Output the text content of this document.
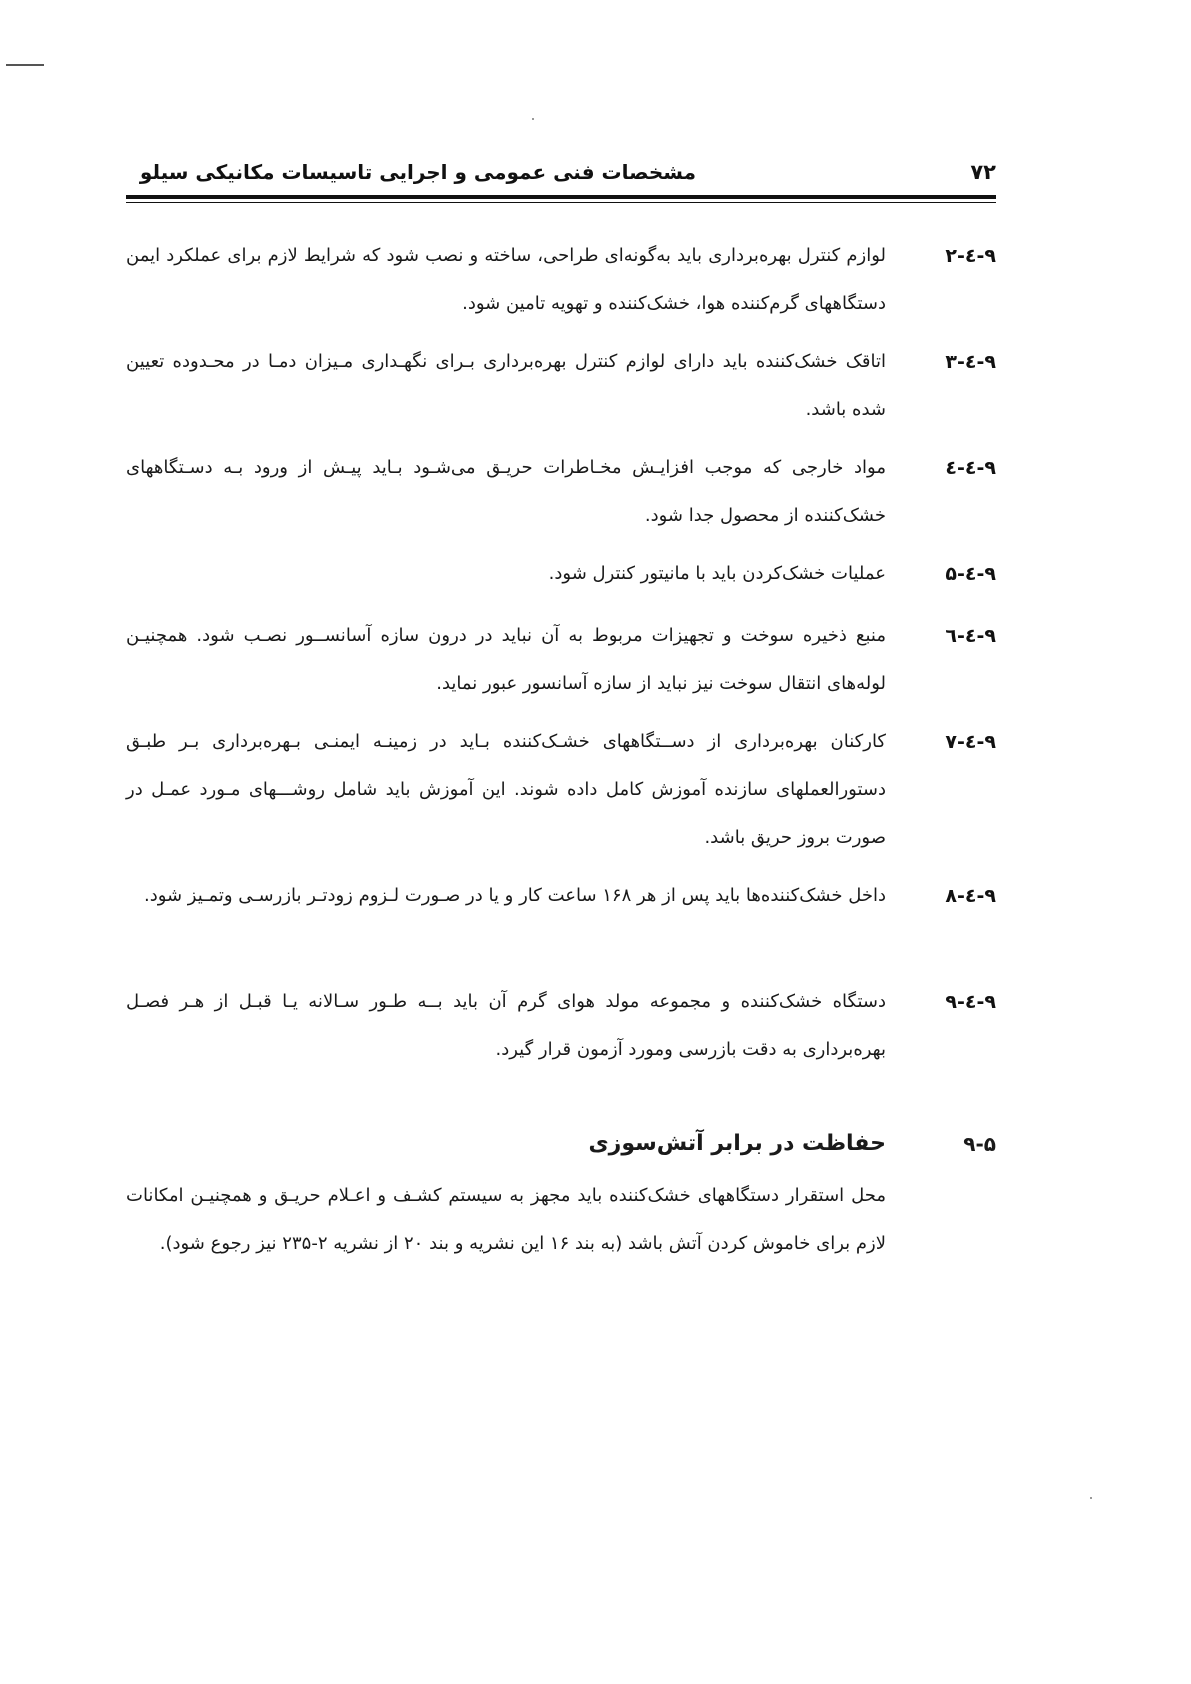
مشخصات فنی عمومی و اجرایی تاسیسات مکانیکی سیلو	۷۲
۹-٤-۲
لوازم کنترل بهره‌برداری باید به‌گونه‌ای طراحی، ساخته و نصب شود که شرایط لازم برای عملکرد ایمن دستگاههای گرم‌کننده هوا، خشک‌کننده و تهویه تامین شود.
۹-٤-۳
اتاقک خشک‌کننده باید دارای لوازم کنترل بهره‌برداری بـرای نگهـداری مـیزان دمـا در محـدوده تعیین شده باشد.
۹-٤-٤
مواد خارجی که موجب افزایـش مخـاطرات حریـق می‌شـود بـاید پیـش از ورود بـه دسـتگاههای خشک‌کننده از محصول جدا شود.
۹-٤-۵
عملیات خشک‌کردن باید با مانیتور کنترل شود.
۹-٤-٦
منبع ذخیره سوخت و تجهیزات مربوط به آن نباید در درون سازه آسانســور نصـب شود. همچنیـن لوله‌های انتقال سوخت نیز نباید از سازه آسانسور عبور نماید.
۹-٤-۷
کارکنان بهره‌برداری از دســتگاههای خشـک‌کننده بـاید در زمینـه ایمنـی بـهره‌برداری بـر طبـق دستورالعملهای سازنده آموزش کامل داده شوند. این آموزش باید شامل روشـــهای مـورد عمـل در صورت بروز حریق باشد.
۹-٤-۸
داخل خشک‌کننده‌ها باید پس از هر ۱۶۸ ساعت کار و یا در صـورت لـزوم زودتـر بازرسـی وتمـیز شود.
۹-٤-۹
دستگاه خشک‌کننده و مجموعه مولد هوای گرم آن باید بــه طـور سـالانه یـا قبـل از هـر فصـل بهره‌برداری به دقت بازرسی ومورد آزمون قرار گیرد.
۹-۵
حفاظت در برابر آتش‌سوزی
محل استقرار دستگاههای خشک‌کننده باید مجهز به سیستم کشـف و اعـلام حریـق و همچنیـن امکانات لازم برای خاموش کردن آتش باشد (به بند ۱۶ این نشریه و بند ۲۰ از نشریه ۲-۲۳۵ نیز رجوع شود).
